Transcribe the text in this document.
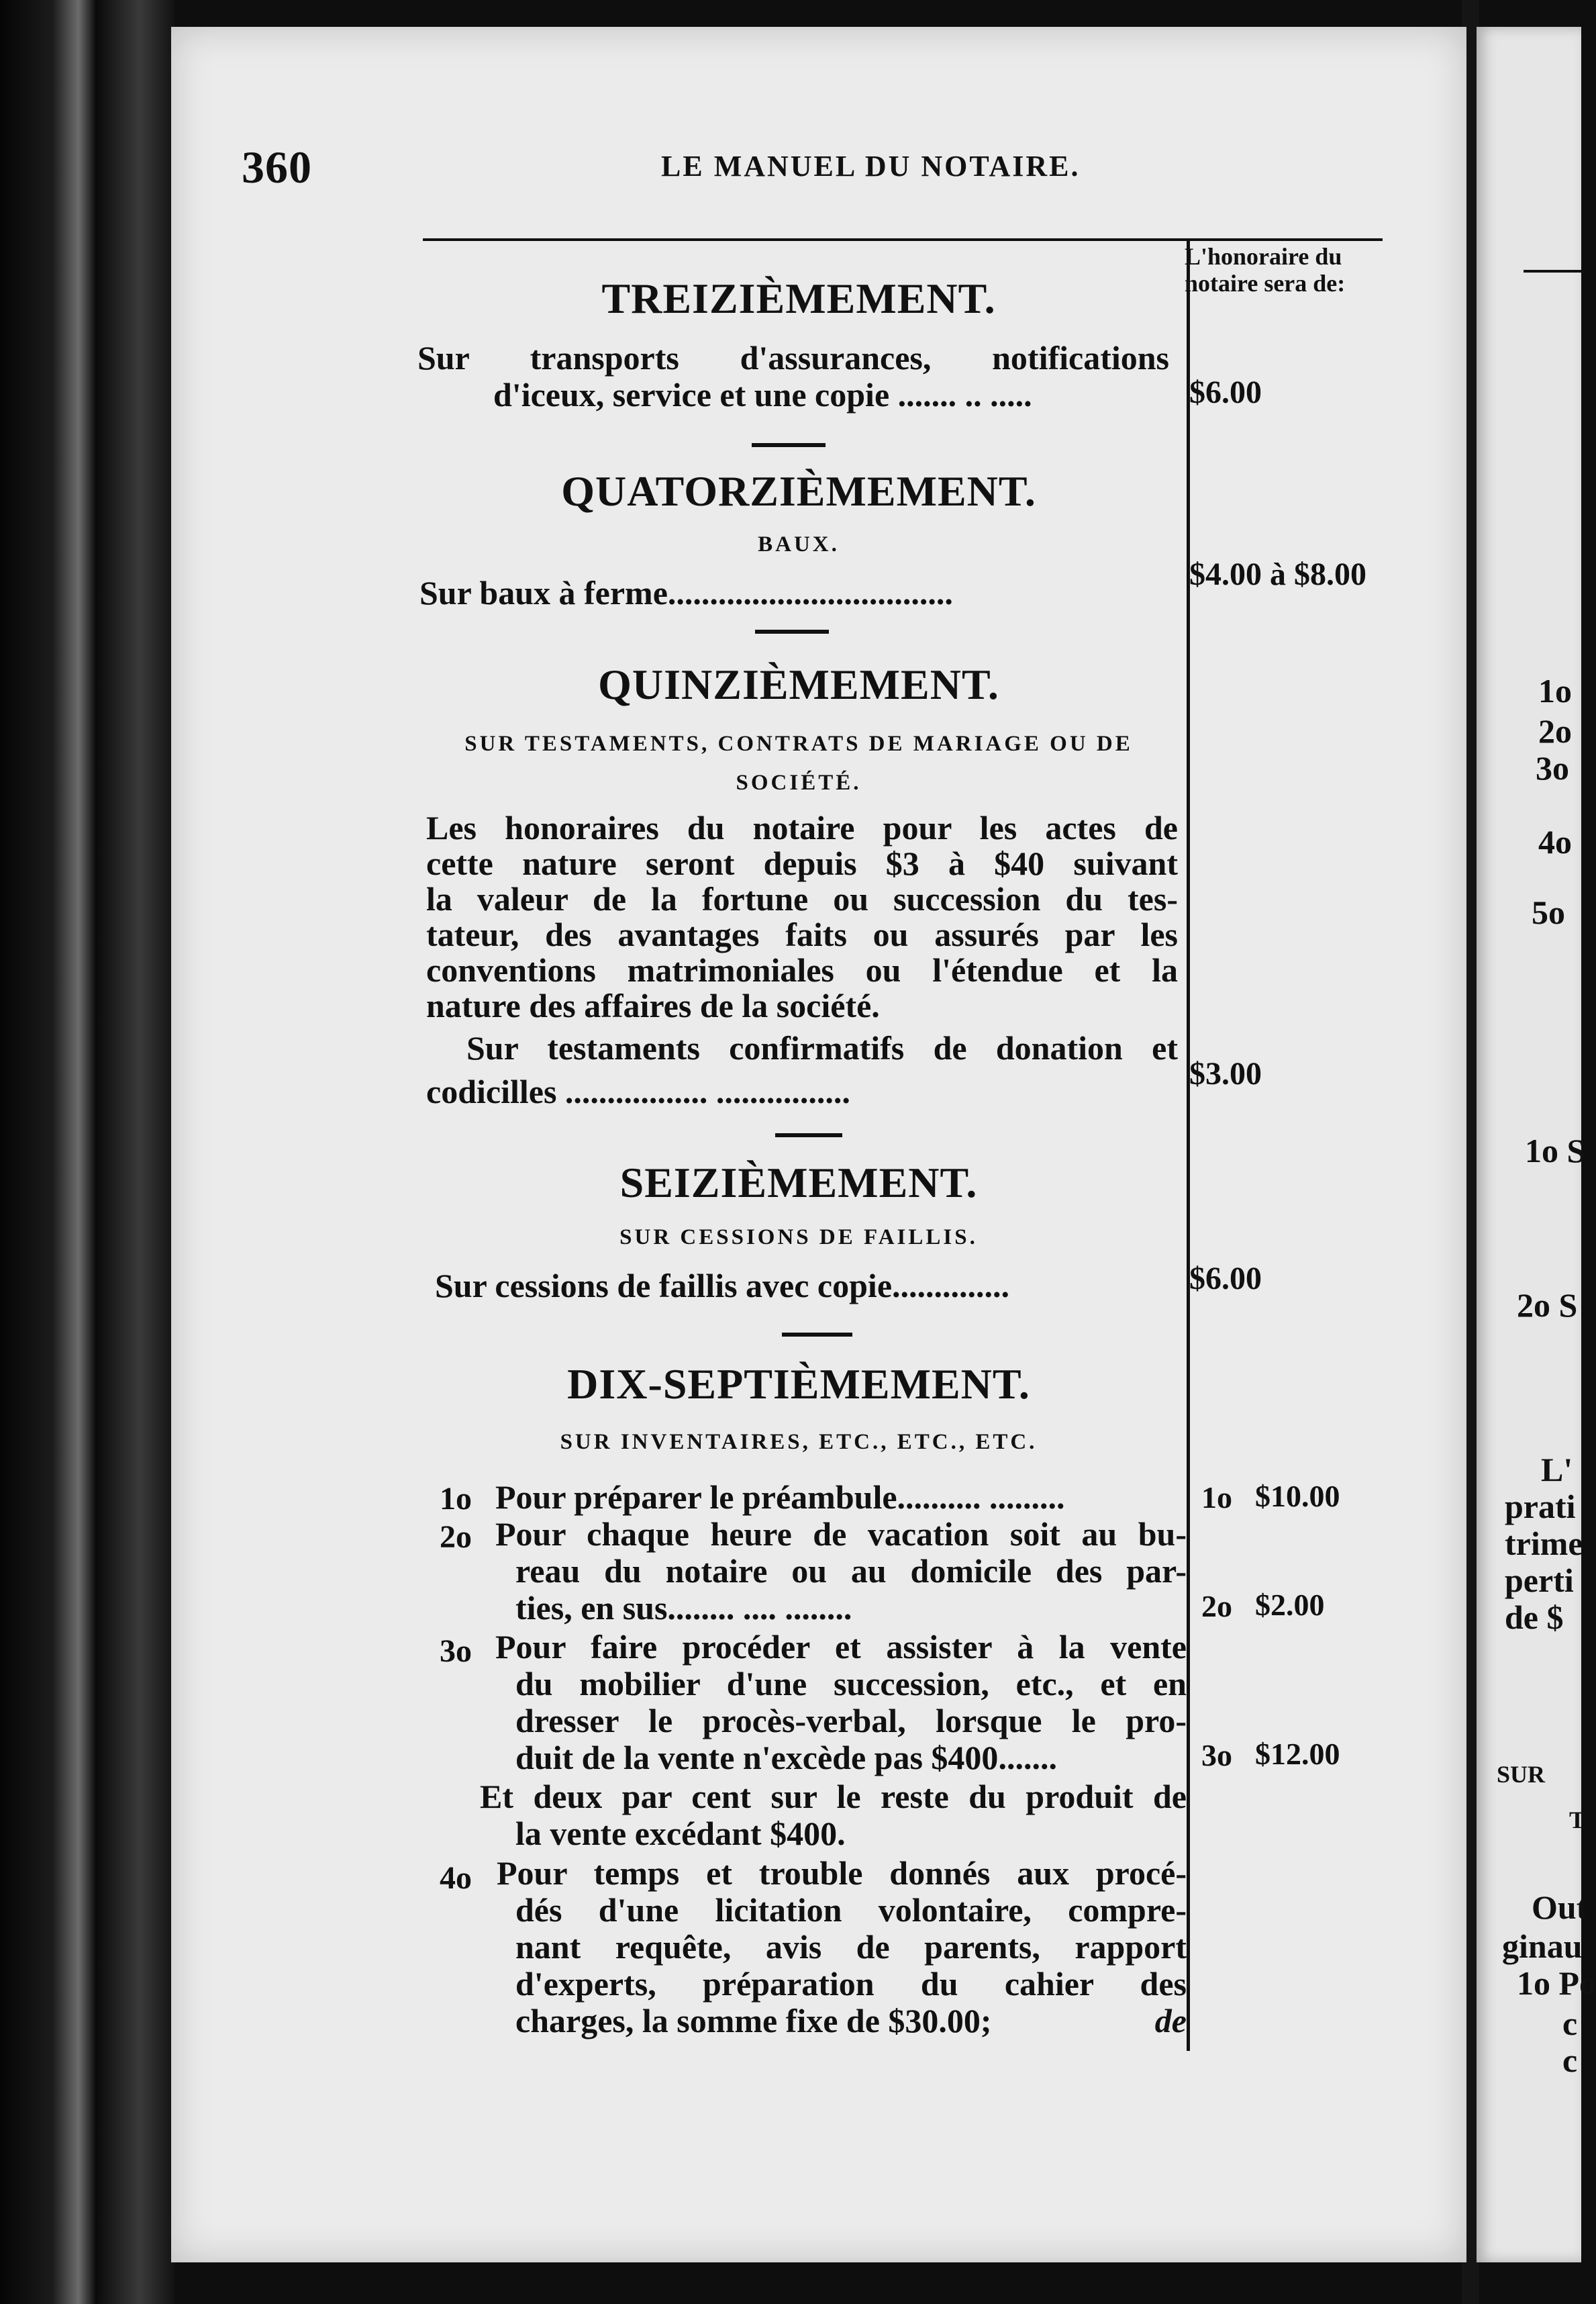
360	LE MANUEL DU NOTAIRE.
L'honoraire du
notaire sera de:
TREIZIÈMEMENT.
Sur transports d'assurances, notifications
d'iceux, service et une copie ....... .. .....	$6.00
QUATORZIÈMEMENT.
BAUX.
Sur baux à ferme..................................	$4.00 à $8.00
QUINZIÈMEMENT.
SUR TESTAMENTS, CONTRATS DE MARIAGE OU DE
SOCIÉTÉ.
Les honoraires du notaire pour les actes de
cette nature seront depuis $3 à $40 suivant
la valeur de la fortune ou succession du tes-
tateur, des avantages faits ou assurés par les
conventions matrimoniales ou l'étendue et la
nature des affaires de la société.
Sur testaments confirmatifs de donation et
codicilles ................. ................	$3.00
SEIZIÈMEMENT.
SUR CESSIONS DE FAILLIS.
Sur cessions de faillis avec copie..............	$6.00
DIX-SEPTIÈMEMENT.
SUR INVENTAIRES, ETC., ETC., ETC.
1o Pour préparer le préambule.......... .........	1o $10.00
2o Pour chaque heure de vacation soit au bu-
reau du notaire ou au domicile des par-
ties, en sus........ .... ........	2o $2.00
3o Pour faire procéder et assister à la vente
du mobilier d'une succession, etc., et en
dresser le procès-verbal, lorsque le pro-
duit de la vente n'excède pas $400.......	3o $12.00
Et deux par cent sur le reste du produit de
la vente excédant $400.
4o Pour temps et trouble donnés aux procé-
dés d'une licitation volontaire, compre-
nant requête, avis de parents, rapport
d'experts, préparation du cahier des
charges, la somme fixe de $30.00;	de
1o
2o
3o
4o
5o
1o S
2o S
L'
prati
trime
perti
de $
SUR
T
Out
ginau
1o Po
c
c
